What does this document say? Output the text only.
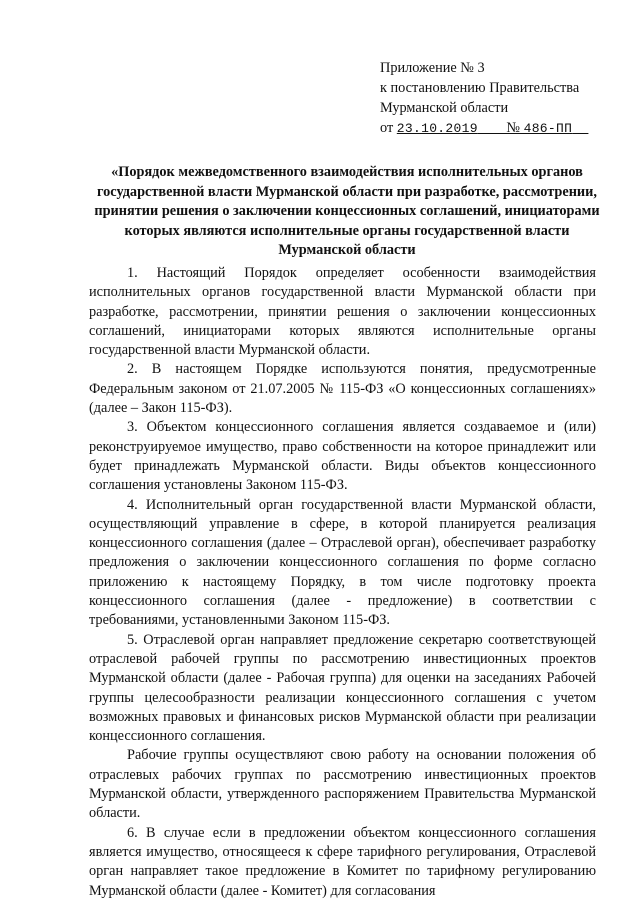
Приложение № 3
к постановлению Правительства
Мурманской области
от 23.10.2019 № 486-ПП
«Порядок межведомственного взаимодействия исполнительных органов государственной власти Мурманской области при разработке, рассмотрении, принятии решения о заключении концессионных соглашений, инициаторами которых являются исполнительные органы государственной власти Мурманской области

1. Настоящий Порядок определяет особенности взаимодействия исполнительных органов государственной власти Мурманской области при разработке, рассмотрении, принятии решения о заключении концессионных соглашений, инициаторами которых являются исполнительные органы государственной власти Мурманской области.

2. В настоящем Порядке используются понятия, предусмотренные Федеральным законом от 21.07.2005 № 115-ФЗ «О концессионных соглашениях» (далее – Закон 115-ФЗ).

3. Объектом концессионного соглашения является создаваемое и (или) реконструируемое имущество, право собственности на которое принадлежит или будет принадлежать Мурманской области. Виды объектов концессионного соглашения установлены Законом 115-ФЗ.

4. Исполнительный орган государственной власти Мурманской области, осуществляющий управление в сфере, в которой планируется реализация концессионного соглашения (далее – Отраслевой орган), обеспечивает разработку предложения о заключении концессионного соглашения по форме согласно приложению к настоящему Порядку, в том числе подготовку проекта концессионного соглашения (далее - предложение) в соответствии с требованиями, установленными Законом 115-ФЗ.

5. Отраслевой орган направляет предложение секретарю соответствующей отраслевой рабочей группы по рассмотрению инвестиционных проектов Мурманской области (далее - Рабочая группа) для оценки на заседаниях Рабочей группы целесообразности реализации концессионного соглашения с учетом возможных правовых и финансовых рисков Мурманской области при реализации концессионного соглашения.

Рабочие группы осуществляют свою работу на основании положения об отраслевых рабочих группах по рассмотрению инвестиционных проектов Мурманской области, утвержденного распоряжением Правительства Мурманской области.

6. В случае если в предложении объектом концессионного соглашения является имущество, относящееся к сфере тарифного регулирования, Отраслевой орган направляет такое предложение в Комитет по тарифному регулированию Мурманской области (далее - Комитет) для согласования
